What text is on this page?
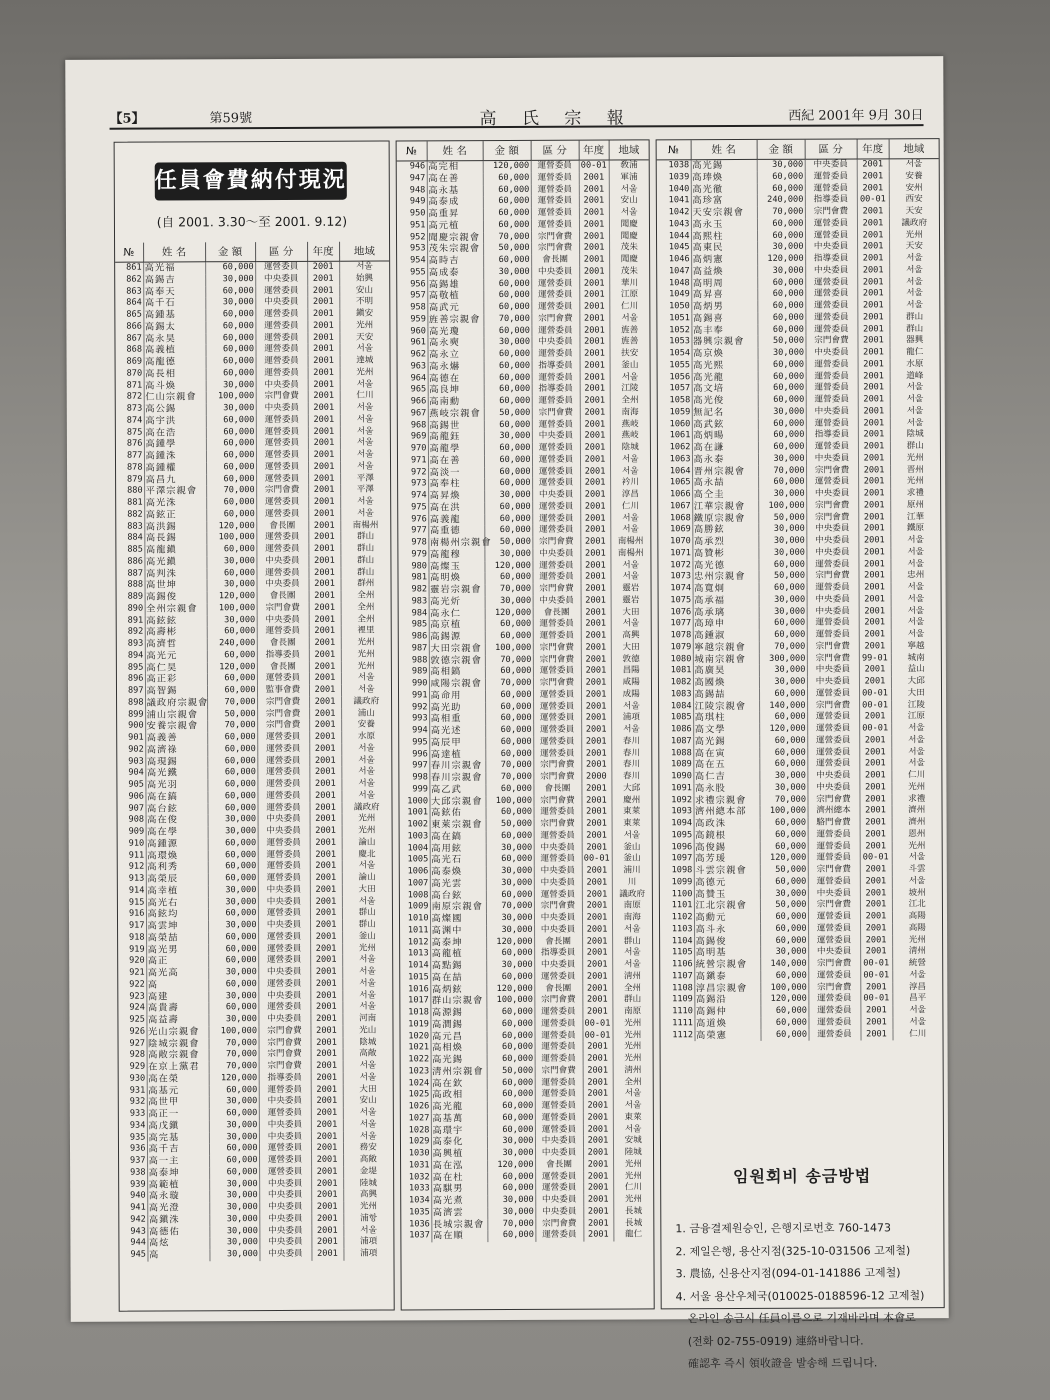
【5】	第59號	高 氏 宗 報	西紀 2001年 9月 30日
任員會費納付現況
(自 2001. 3.30～至 2001. 9.12)
№	姓 名	金 額	區 分	年度	地域
861	高光福	60,000	運營委員	2001	서울
862	高錫吉	30,000	中央委員	2001	始興
863	高奉天	60,000	運營委員	2001	安山
864	高千石	30,000	中央委員	2001	不明
865	高鍾基	60,000	運營委員	2001	鎭安
866	高錫太	60,000	運營委員	2001	光州
867	高永昊	60,000	運營委員	2001	天安
868	高義植	60,000	運營委員	2001	서울
869	高龍德	60,000	運營委員	2001	達城
870	高長相	60,000	運營委員	2001	光州
871	高斗煥	30,000	中央委員	2001	서울
872	仁山宗親會	100,000	宗門會費	2001	仁川
873	高公錫	30,000	中央委員	2001	서울
874	高宇洪	60,000	運營委員	2001	서울
875	高在浩	60,000	運營委員	2001	서울
876	高鍾學	60,000	運營委員	2001	서울
877	高鍾洙	60,000	運營委員	2001	서울
878	高鍾權	60,000	運營委員	2001	서울
879	高昌九	60,000	運營委員	2001	平澤
880	平澤宗親會	70,000	宗門會費	2001	平澤
881	高光洙	60,000	運營委員	2001	서울
882	高鉉正	60,000	運營委員	2001	서울
883	高洪錫	120,000	會長團	2001	南楊州
884	高長錫	100,000	運營委員	2001	群山
885	高龍鎭	60,000	運營委員	2001	群山
886	高光鎭	30,000	中央委員	2001	群山
887	高判洙	60,000	運營委員	2001	群山
888	高世坤	30,000	中央委員	2001	群州
889	高錫俊	120,000	會長團	2001	全州
890	全州宗親會	100,000	宗門會費	2001	全州
891	高鉉鉉	30,000	中央委員	2001	全州
892	高壽彬	60,000	運營委員	2001	裡里
893	高濟哲	240,000	會長團	2001	光州
894	高光元	60,000	指導委員	2001	光州
895	高仁昊	120,000	會長團	2001	光州
896	高正彩	60,000	運營委員	2001	서울
897	高智錫	60,000	監事會費	2001	서울
898	議政府宗親會	70,000	宗門會費	2001	議政府
899	浦山宗親會	50,000	宗門會費	2001	浦山
900	安養宗親會	70,000	宗門會費	2001	安養
901	高義善	60,000	運營委員	2001	水原
902	高濟祿	60,000	運營委員	2001	서울
903	高現錫	60,000	運營委員	2001	서울
904	高光鐵	60,000	運營委員	2001	서울
905	高光羽	60,000	運營委員	2001	서울
906	高在鎬	60,000	運營委員	2001	서울
907	高台鉉	60,000	運營委員	2001	議政府
908	高在俊	30,000	中央委員	2001	光州
909	高在學	30,000	中央委員	2001	光州
910	高鍾源	60,000	運營委員	2001	論山
911	高環煥	60,000	運營委員	2001	慶北
912	高利秀	60,000	運營委員	2001	서울
913	高榮辰	60,000	運營委員	2001	論山
914	高幸植	30,000	中央委員	2001	大田
915	高光右	30,000	中央委員	2001	서울
916	高鉉均	60,000	運營委員	2001	群山
917	高雲坤	30,000	中央委員	2001	群山
918	高榮喆	60,000	運營委員	2001	釜山
919	高光男	60,000	運營委員	2001	光州
920	高正	60,000	運營委員	2001	서울
921	高光高	30,000	中央委員	2001	서울
922	高	60,000	運營委員	2001	서울
923	高建	30,000	中央委員	2001	서울
924	高貴壽	60,000	運營委員	2001	서울
925	高益壽	30,000	中央委員	2001	河南
926	光山宗親會	100,000	宗門會費	2001	光山
927	陰城宗親會	70,000	宗門會費	2001	陰城
928	高敞宗親會	70,000	宗門會費	2001	高敞
929	在京上黨君	70,000	宗門會費	2001	서울
930	高在榮	120,000	指導委員	2001	서울
931	高基元	60,000	運營委員	2001	大田
932	高世甲	30,000	中央委員	2001	安山
933	高正一	60,000	運營委員	2001	서울
934	高戊鎭	30,000	中央委員	2001	서울
935	高完基	30,000	中央委員	2001	서울
936	高千吉	60,000	運營委員	2001	務安
937	高一主	60,000	運營委員	2001	高敞
938	高泰坤	60,000	運營委員	2001	金堤
939	高範植	30,000	中央委員	2001	陸城
940	高永璇	30,000	中央委員	2001	高興
941	高光澄	30,000	中央委員	2001	光州
942	高鎭洙	30,000	中央委員	2001	浦항
943	高德佑	30,000	中央委員	2001	서울
944	高炫	30,000	中央委員	2001	浦項
945	高	30,000	中央委員	2001	浦項
№	姓 名	金 額	區 分	年度	地域
946	高完相	120,000	運營委員	00-01	敎浦
947	高在善	60,000	運營委員	2001	軍浦
948	高永基	60,000	運營委員	2001	서울
949	高泰成	60,000	運營委員	2001	安山
950	高重昇	60,000	運營委員	2001	서울
951	高元植	60,000	運營委員	2001	聞慶
952	聞慶宗親會	70,000	宗門會費	2001	聞慶
953	茂朱宗親會	50,000	宗門會費	2001	茂朱
954	高時吉	60,000	會長團	2001	聞慶
955	高成泰	30,000	中央委員	2001	茂朱
956	高錫雄	60,000	運營委員	2001	華川
957	高敬植	60,000	運營委員	2001	江原
958	高武元	60,000	運營委員	2001	仁川
959	旌善宗親會	70,000	宗門會費	2001	서울
960	高光瓊	60,000	運營委員	2001	旌善
961	高永奭	30,000	中央委員	2001	旌善
962	高永立	60,000	運營委員	2001	扶安
963	高永爀	60,000	指導委員	2001	釜山
964	高德在	60,000	運營委員	2001	서울
965	高良坤	60,000	指導委員	2001	江陵
966	高南勳	60,000	運營委員	2001	全州
967	燕岐宗親會	50,000	宗門會費	2001	南海
968	高錫世	60,000	運營委員	2001	燕岐
969	高龍鈺	30,000	中央委員	2001	燕岐
970	高龍學	60,000	運營委員	2001	陰城
971	高在善	60,000	運營委員	2001	서울
972	高淡一	60,000	運營委員	2001	서울
973	高奉柱	60,000	運營委員	2001	衿川
974	高昇煥	30,000	中央委員	2001	淳昌
975	高在洪	60,000	運營委員	2001	仁川
976	高義龍	60,000	運營委員	2001	서울
977	高重德	60,000	運營委員	2001	서울
978	南楊州宗親會	50,000	宗門會費	2001	南楊州
979	高龍穆	30,000	中央委員	2001	南楊州
980	高燦玉	120,000	運營委員	2001	서울
981	高明煥	60,000	運營委員	2001	서울
982	靈岩宗親會	70,000	宗門會費	2001	靈岩
983	高光炘	30,000	中央委員	2001	靈岩
984	高永仁	120,000	會長團	2001	大田
985	高京植	60,000	運營委員	2001	서울
986	高錫源	60,000	運營委員	2001	高興
987	大田宗親會	100,000	宗門會費	2001	大田
988	敦德宗親會	70,000	宗門會費	2001	敦德
989	高相鎬	60,000	運營委員	2001	昌陽
990	咸陽宗親會	70,000	宗門會費	2001	咸陽
991	高命用	60,000	運營委員	2001	成陽
992	高光助	60,000	運營委員	2001	서울
993	高相重	60,000	運營委員	2001	浦項
994	高光述	60,000	運營委員	2001	서울
995	高辰甲	60,000	運營委員	2001	春川
996	高達植	60,000	運營委員	2001	春川
997	春川宗親會	70,000	宗門會費	2001	春川
998	春川宗親會	70,000	宗門會費	2000	春川
999	高乙武	60,000	會長團	2001	大邱
1000	大邱宗親會	100,000	宗門會費	2001	慶州
1001	高鉉佑	60,000	運營委員	2001	東萊
1002	東萊宗親會	50,000	宗門會費	2001	東萊
1003	高在鎬	60,000	運營委員	2001	서울
1004	高用鉉	30,000	中央委員	2001	釜山
1005	高光石	60,000	運營委員	00-01	釜山
1006	高泰煥	30,000	中央委員	2001	浦川
1007	高光雲	30,000	中央委員	2001	川
1008	高台鉉	60,000	運營委員	2001	議政府
1009	南原宗親會	70,000	宗門會費	2001	南原
1010	高燦國	30,000	中央委員	2001	南海
1011	高渊中	30,000	中央委員	2001	서울
1012	高泰坤	120,000	會長團	2001	群山
1013	高龍植	60,000	指導委員	2001	서울
1014	高點錫	30,000	中央委員	2001	서울
1015	高在喆	60,000	運營委員	2001	淸州
1016	高炳鉉	120,000	會長團	2001	全州
1017	群山宗親會	100,000	宗門會費	2001	群山
1018	高源錫	60,000	運營委員	2001	南原
1019	高澗錫	60,000	運營委員	00-01	光州
1020	高元昌	60,000	運營委員	00-01	光州
1021	高相煥	60,000	運營委員	2001	光州
1022	高光錫	60,000	運營委員	2001	光州
1023	淸州宗親會	50,000	宗門會費	2001	淸州
1024	高在欽	60,000	運營委員	2001	全州
1025	高政相	60,000	運營委員	2001	서울
1026	高光龍	60,000	運營委員	2001	서울
1027	高基萬	60,000	運營委員	2001	東萊
1028	高環宇	60,000	運營委員	2001	서울
1029	高泰化	30,000	中央委員	2001	安城
1030	高興植	30,000	中央委員	2001	陸城
1031	高在泓	120,000	會長團	2001	光州
1032	高在杜	60,000	運營委員	2001	光州
1033	高騏男	60,000	運營委員	2001	仁川
1034	高光煮	30,000	中央委員	2001	光州
1035	高濟雲	30,000	中央委員	2001	長城
1036	長城宗親會	70,000	宗門會費	2001	長城
1037	高在順	60,000	運營委員	2001	龍仁
№	姓 名	金 額	區 分	年度	地域
1038	高光錫	30,000	中央委員	2001	서울
1039	高琫煥	60,000	運營委員	2001	安養
1040	高光徹	60,000	運營委員	2001	安州
1041	高珍富	240,000	指導委員	00-01	西安
1042	天安宗親會	70,000	宗門會費	2001	天安
1043	高永玉	60,000	運營委員	2001	議政府
1044	高熙柱	60,000	運營委員	2001	光州
1045	高東民	30,000	中央委員	2001	天安
1046	高炳憲	120,000	指導委員	2001	서울
1047	高益煥	30,000	中央委員	2001	서울
1048	高明周	60,000	運營委員	2001	서울
1049	高昇喜	60,000	運營委員	2001	서울
1050	高炳男	60,000	運營委員	2001	서울
1051	高錫喜	60,000	運營委員	2001	群山
1052	高丰奉	60,000	運營委員	2001	群山
1053	器興宗親會	50,000	宗門會費	2001	器興
1054	高京煥	30,000	中央委員	2001	龍仁
1055	高光熙	60,000	運營委員	2001	水原
1056	高光龍	60,000	運營委員	2001	道峰
1057	高文培	60,000	運營委員	2001	서울
1058	高光俊	60,000	運營委員	2001	서울
1059	無記名	30,000	中央委員	2001	서울
1060	高武鉉	60,000	運營委員	2001	서울
1061	高炳暘	60,000	指導委員	2001	陰城
1062	高在謙	60,000	運營委員	2001	群山
1063	高永泰	30,000	中央委員	2001	光州
1064	晋州宗親會	70,000	宗門會費	2001	晋州
1065	高永喆	60,000	運營委員	2001	光州
1066	高仝圭	30,000	中央委員	2001	求禮
1067	江華宗親會	100,000	宗門會費	2001	原州
1068	鐵原宗親會	50,000	宗門會費	2001	江華
1069	高勝鉉	30,000	中央委員	2001	鐵原
1070	高承烈	30,000	中央委員	2001	서울
1071	高贊彬	30,000	中央委員	2001	서울
1072	高光德	60,000	運營委員	2001	서울
1073	忠州宗親會	50,000	宗門會費	2001	忠州
1074	高寬炯	60,000	運營委員	2001	서울
1075	高承福	30,000	中央委員	2001	서울
1076	高承璃	30,000	中央委員	2001	서울
1077	高璋申	60,000	運營委員	2001	서울
1078	高鍾淑	60,000	運營委員	2001	서울
1079	寧越宗親會	70,000	宗門會費	2001	寧越
1080	城南宗親會	300,000	宗門會費	99-01	城南
1081	高廣昊	30,000	中央委員	2001	益山
1082	高國煥	30,000	中央委員	2001	大邱
1083	高錫喆	60,000	運營委員	00-01	大田
1084	江陵宗親會	140,000	宗門會費	00-01	江陵
1085	高琪柱	60,000	運營委員	2001	江原
1086	高文學	120,000	運營委員	00-01	서울
1087	高光錫	60,000	運營委員	2001	서울
1088	高在寅	60,000	運營委員	2001	서울
1089	高在五	60,000	運營委員	2001	서울
1090	高仁吉	30,000	中央委員	2001	仁川
1091	高永股	30,000	中央委員	2001	光州
1092	求禮宗親會	70,000	宗門會費	2001	求禮
1093	濟州總本部	100,000	濟州總本	2001	濟州
1094	高政洙	60,000	駱門會費	2001	濟州
1095	高鏡根	60,000	運營委員	2001	恩州
1096	高俊錫	60,000	運營委員	2001	光州
1097	高芳瑗	120,000	運營委員	00-01	서울
1098	斗雲宗親會	50,000	宗門會費	2001	斗雲
1099	高德元	60,000	運營委員	2001	서울
1100	高贊玉	30,000	中央委員	2001	坡州
1101	江北宗親會	50,000	宗門會費	2001	江北
1102	高勳元	60,000	運營委員	2001	高陽
1103	高斗永	60,000	運營委員	2001	高陽
1104	高錫俊	60,000	運營委員	2001	光州
1105	高明基	30,000	中央委員	2001	淸州
1106	統營宗親會	140,000	宗門會費	00-01	統營
1107	高鎭泰	60,000	運營委員	00-01	서울
1108	淳昌宗親會	100,000	宗門會費	2001	淳昌
1109	高錫沿	120,000	運營委員	00-01	昌平
1110	高錫仲	60,000	運營委員	2001	서울
1111	高道煥	60,000	運營委員	2001	서울
1112	高榮憲	60,000	運營委員	2001	仁川
임원회비 송금방법
1. 금융결제원승인, 은행지로번호 760-1473
2. 제일은행, 용산지점(325-10-031506 고제철)
3. 農協, 신용산지점(094-01-141886 고제철)
4. 서울 용산우체국(010025-0188596-12 고제철)
온라인 송금시 任員이름으로 기재바라며 本會로
(전화 02-755-0919) 連絡바랍니다.
確認후 즉시 領收證을 발송해 드립니다.
